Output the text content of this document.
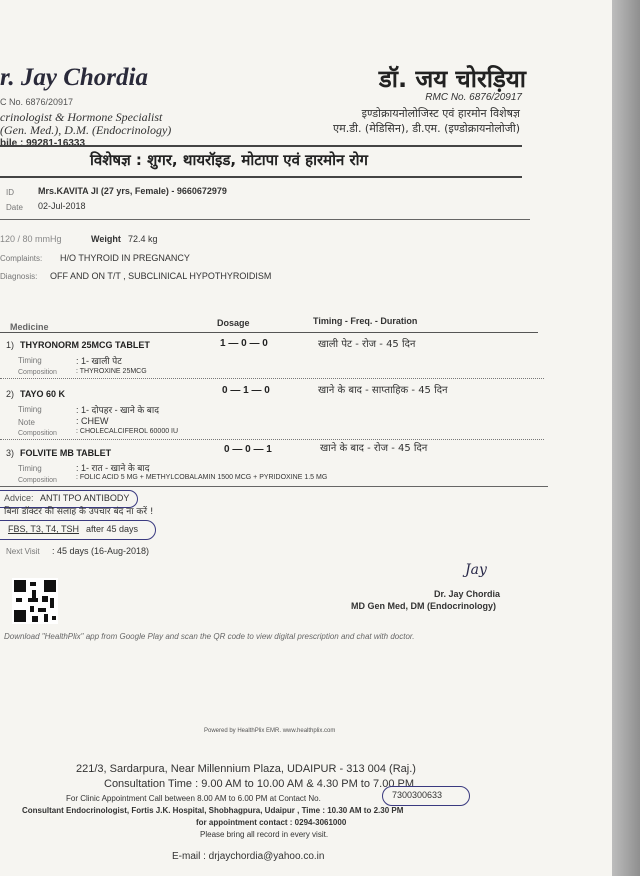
r. Jay Chordia
C No. 6876/20917
crinologist & Hormone Specialist
(Gen. Med.), D.M. (Endocrinology)
bile : 99281-16333
डॉ. जय चोरड़िया
RMC No. 6876/20917
इण्डोक्रायनोलोजिस्ट एवं हारमोन विशेषज्ञ
एम.डी. (मेडिसिन), डी.एम. (इण्डोक्रायनोलोजी)
विशेषज्ञ : शुगर, थायरॉइड, मोटापा एवं हारमोन रोग
ID	Mrs.KAVITA JI (27 yrs, Female) - 9660672979
Date 02-Jul-2018
120 / 80 mmHg	Weight 72.4 kg
Complaints: H/O THYROID IN PREGNANCY
Diagnosis: OFF AND ON T/T , SUBCLINICAL HYPOTHYROIDISM
Medicine	Dosage	Timing - Freq. - Duration
1) THYRONORM 25MCG TABLET	1 — 0 — 0	खाली पेट - रोज - 45 दिन
Timing	: 1- खाली पेट
Composition	: THYROXINE 25MCG
2) TAYO 60 K	0 — 1 — 0	खाने के बाद - साप्ताहिक - 45 दिन
Timing	: 1- दोपहर - खाने के बाद
Note	: CHEW
Composition	: CHOLECALCIFEROL 60000 IU
3) FOLVITE MB TABLET	0 — 0 — 1	खाने के बाद - रोज - 45 दिन
Timing	: 1- रात - खाने के बाद
Composition	: FOLIC ACID 5 MG + METHYLCOBALAMIN 1500 MCG + PYRIDOXINE 1.5 MG
Advice: ANTI TPO ANTIBODY
बिना डॉक्टर की सलाह के उपचार बंद ना करें !
FBS, T3, T4, TSH after 45 days
Next Visit : 45 days (16-Aug-2018)
Jay
Dr. Jay Chordia
MD Gen Med, DM (Endocrinology)
Download "HealthPlix" app from Google Play and scan the QR code to view digital prescription and chat with doctor.
Powered by HealthPlix EMR. www.healthplix.com
221/3, Sardarpura, Near Millennium Plaza, UDAIPUR - 313 004 (Raj.)
Consultation Time : 9.00 AM to 10.00 AM & 4.30 PM to 7.00 PM
For Clinic Appointment Call between 8.00 AM to 6.00 PM at Contact No.	7300300633
Consultant Endocrinologist, Fortis J.K. Hospital, Shobhagpura, Udaipur , Time : 10.30 AM to 2.30 PM
for appointment contact : 0294-3061000
Please bring all record in every visit.
E-mail : drjaychordia@yahoo.co.in
